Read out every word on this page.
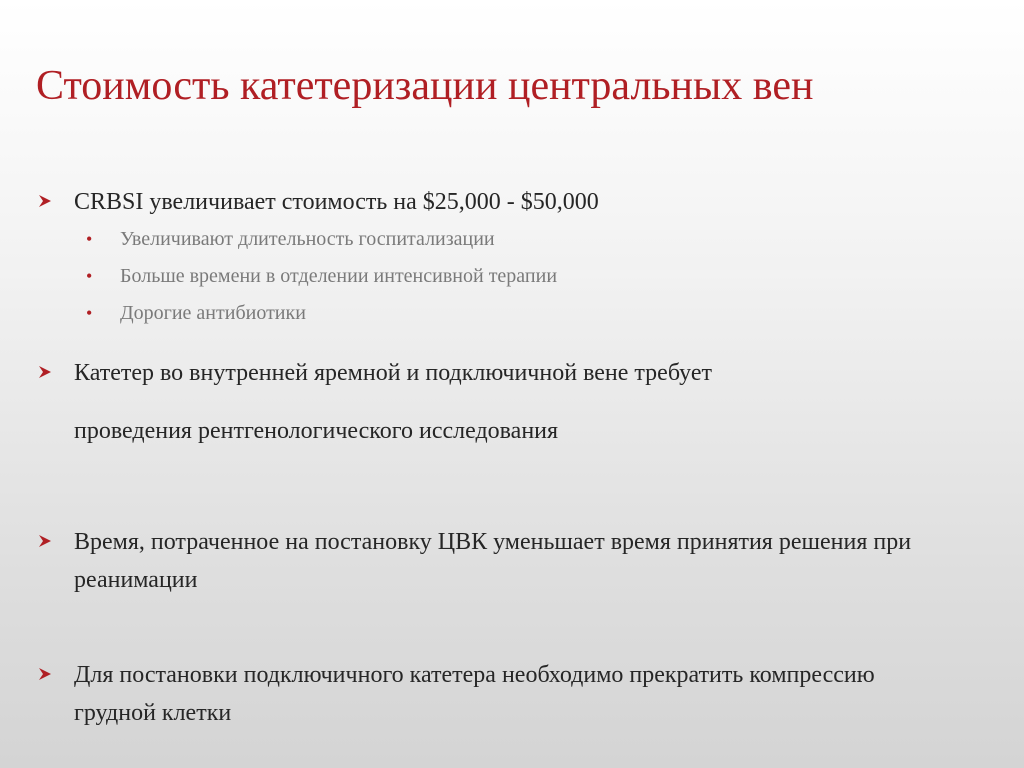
Стоимость катетеризации центральных вен
CRBSI увеличивает стоимость на $25,000 - $50,000
• Увеличивают длительность госпитализации
• Больше времени в отделении интенсивной терапии
• Дорогие антибиотики
Катетер во внутренней яремной и подключичной вене требует
проведения рентгенологического исследования
Время, потраченное на постановку ЦВК уменьшает время принятия решения при реанимации
Для постановки подключичного катетера необходимо прекратить компрессию грудной клетки
